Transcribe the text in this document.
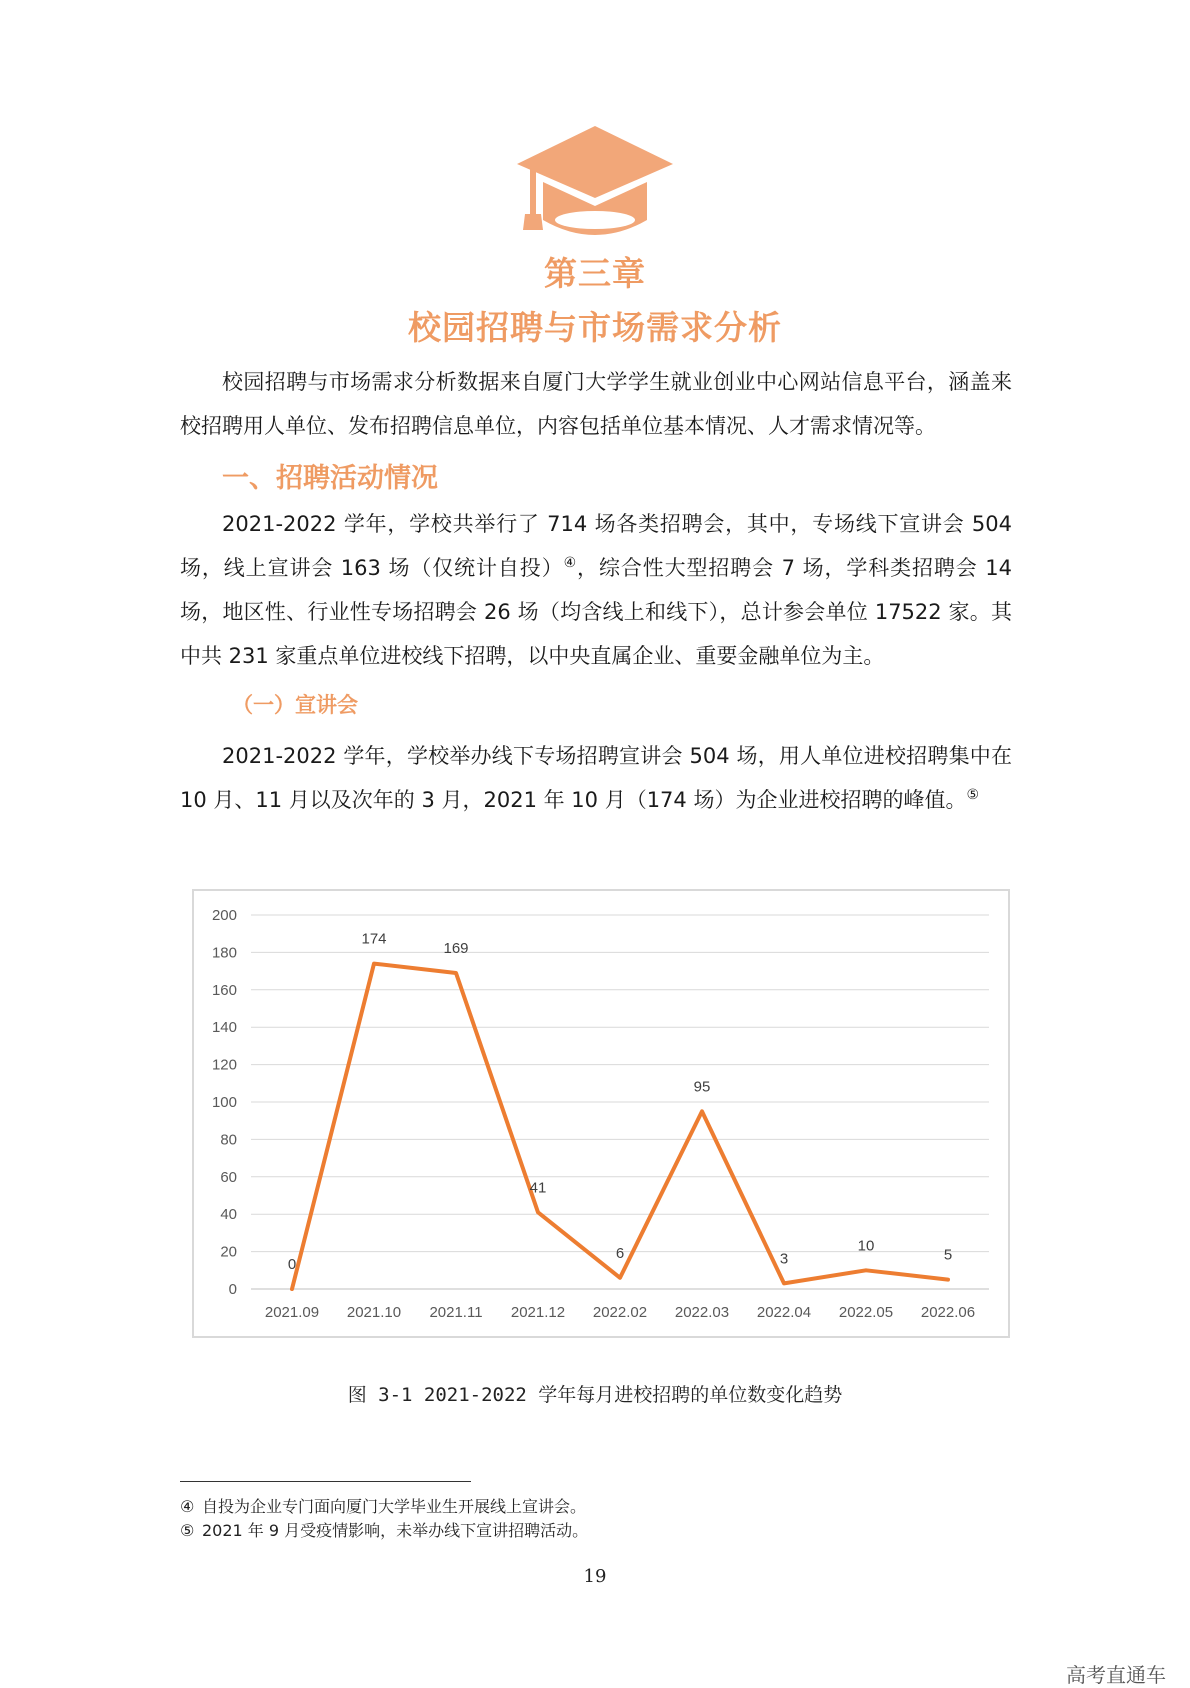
第三章
校园招聘与市场需求分析

校园招聘与市场需求分析数据来自厦门大学学生就业创业中心网站信息平台，涵盖来校招聘用人单位、发布招聘信息单位，内容包括单位基本情况、人才需求情况等。

一、招聘活动情况

2021-2022 学年，学校共举行了 714 场各类招聘会，其中，专场线下宣讲会 504 场，线上宣讲会 163 场（仅统计自投）④，综合性大型招聘会 7 场，学科类招聘会 14 场，地区性、行业性专场招聘会 26 场（均含线上和线下），总计参会单位 17522 家。其中共 231 家重点单位进校线下招聘，以中央直属企业、重要金融单位为主。

（一）宣讲会

2021-2022 学年，学校举办线下专场招聘宣讲会 504 场，用人单位进校招聘集中在 10 月、11 月以及次年的 3 月，2021 年 10 月（174 场）为企业进校招聘的峰值。⑤

0
20
40
60
80
100
120
140
160
180
200
2021.09 2021.10 2021.11 2021.12 2022.02 2022.03 2022.04 2022.05 2022.06
0
174
169
41
6
95
3
10
5
图 3-1 2021-2022 学年每月进校招聘的单位数变化趋势
④ 自投为企业专门面向厦门大学毕业生开展线上宣讲会。
⑤ 2021 年 9 月受疫情影响，未举办线下宣讲招聘活动。
19
高考直通车
